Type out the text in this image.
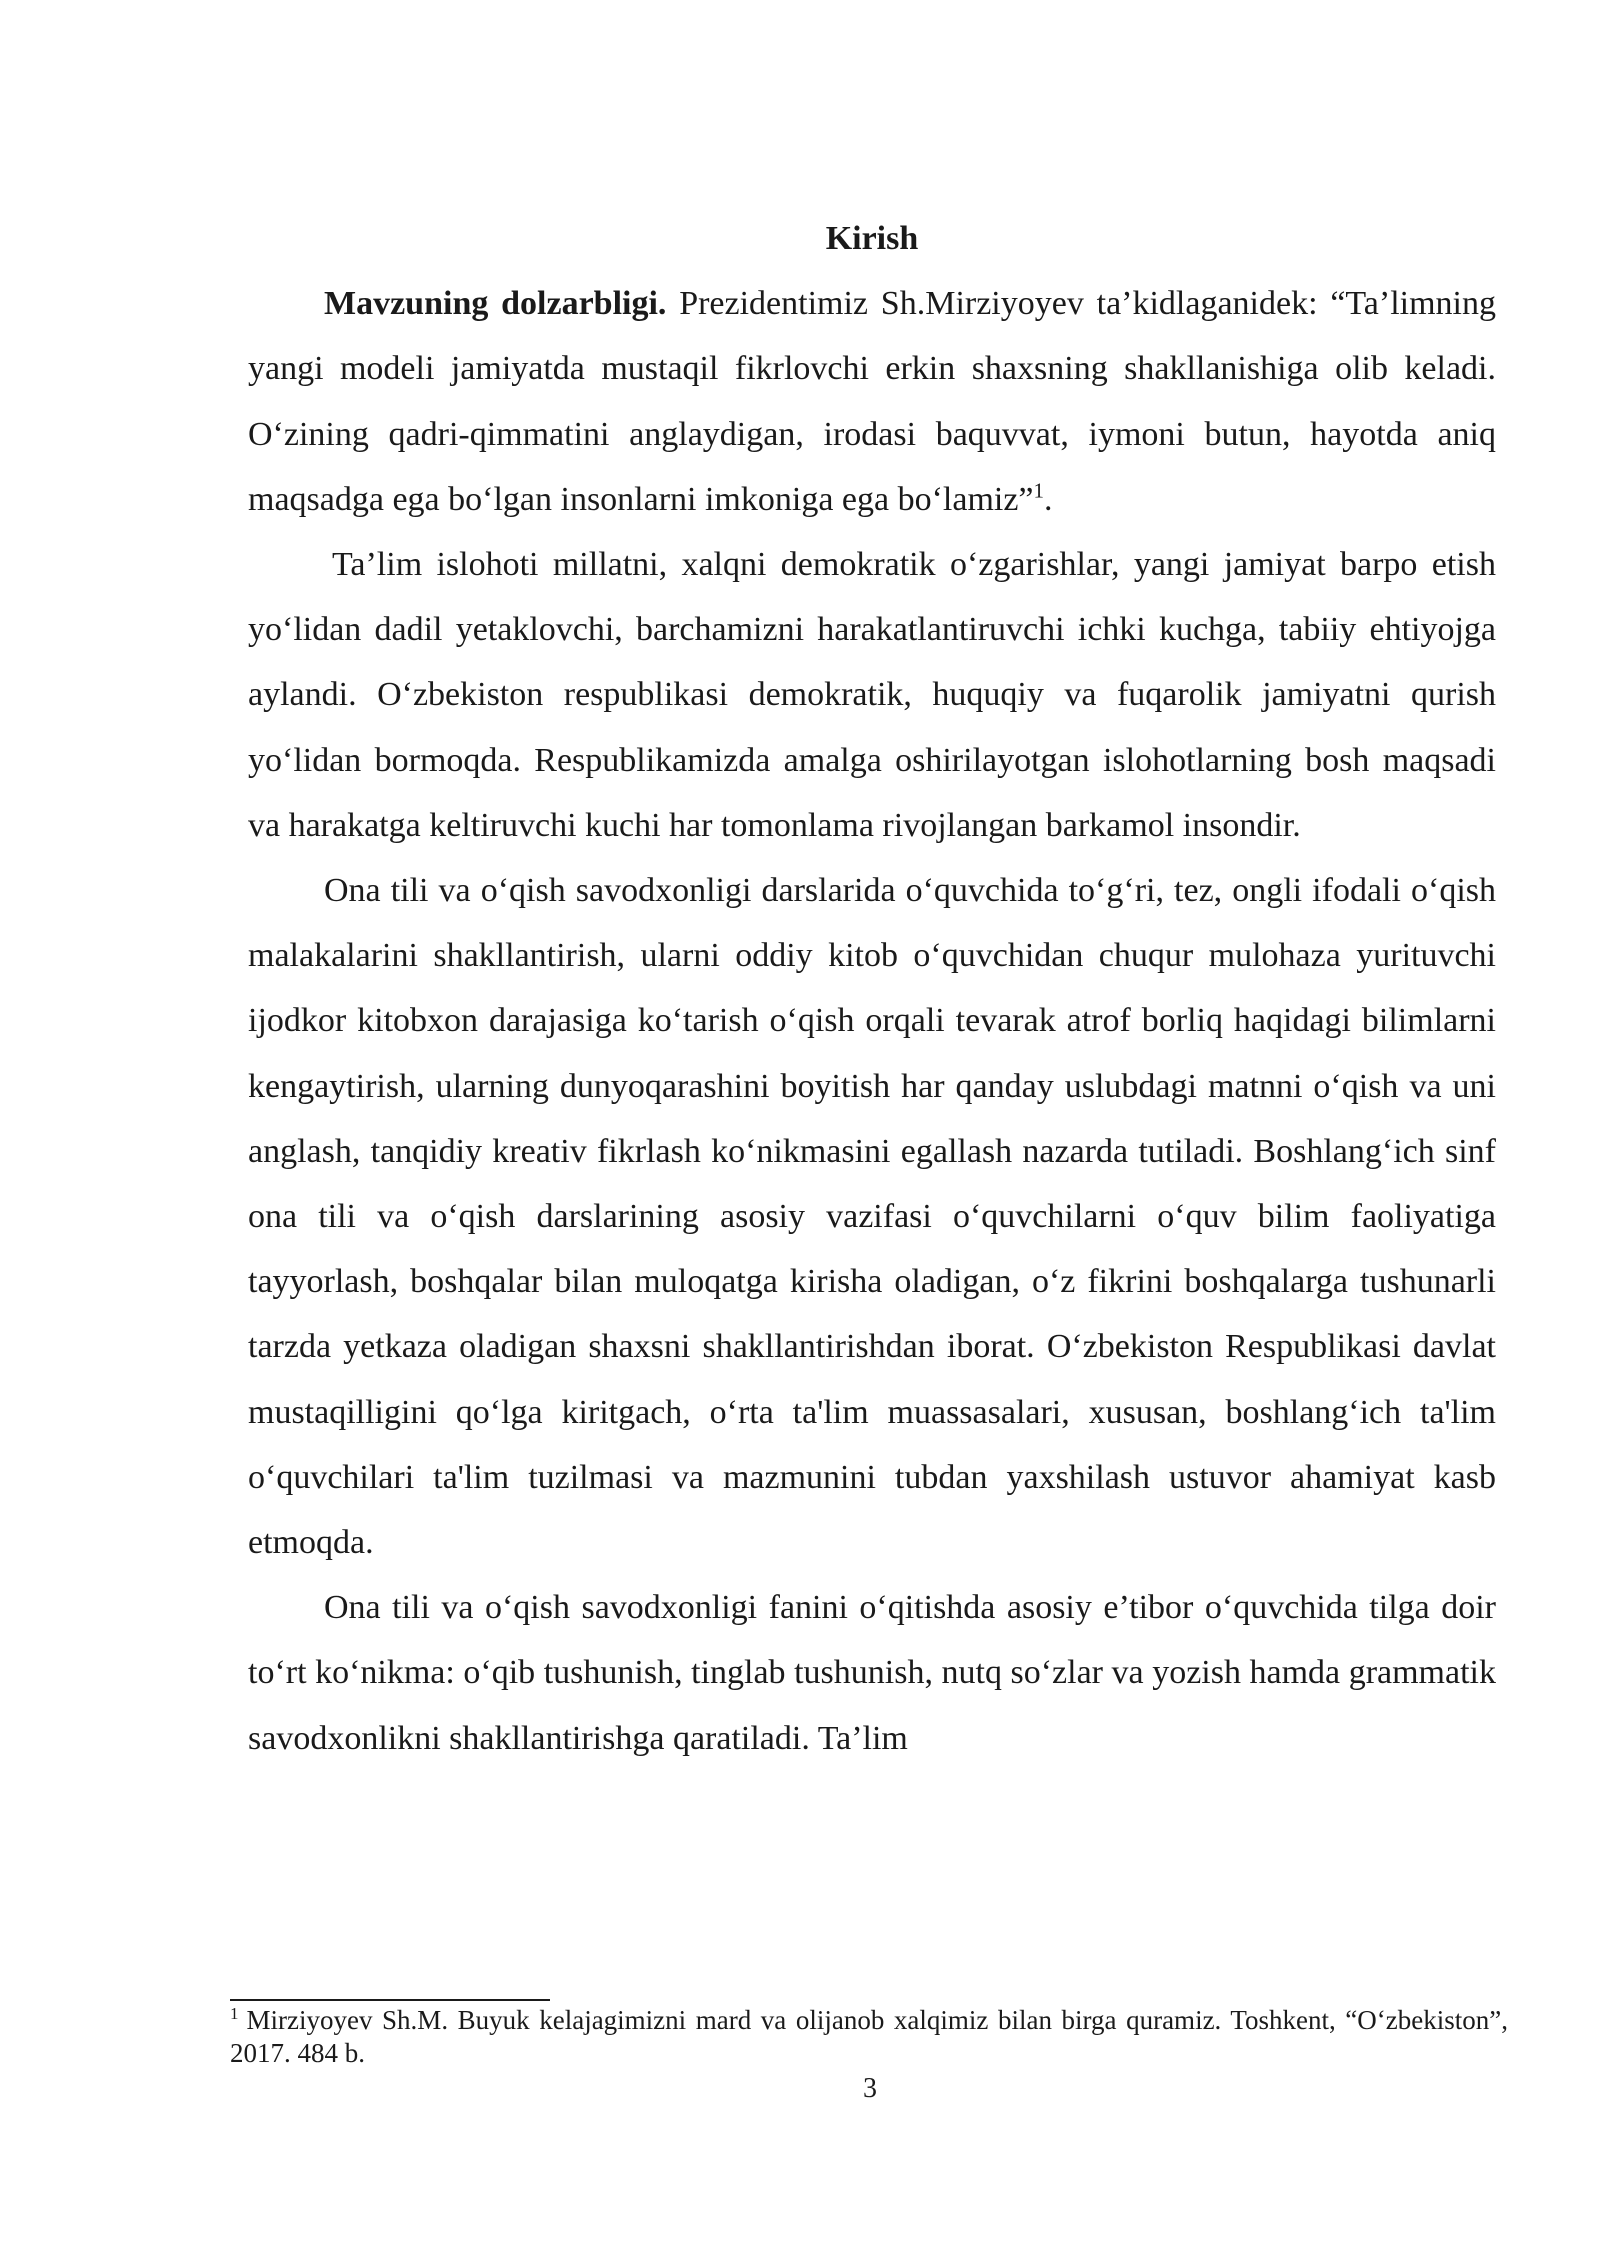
Kirish

Mavzuning dolzarbligi. Prezidentimiz Sh.Mirziyoyev ta’kidlaganidek: “Ta’limning yangi modeli jamiyatda mustaqil fikrlovchi erkin shaxsning shakllanishiga olib keladi. O‘zining qadri-qimmatini anglaydigan, irodasi baquvvat, iymoni butun, hayotda aniq maqsadga ega bo‘lgan insonlarni imkoniga ega bo‘lamiz”$^1$.

Ta’lim islohoti millatni, xalqni demokratik o‘zgarishlar, yangi jamiyat barpo etish yo‘lidan dadil yetaklovchi, barchamizni harakatlantiruvchi ichki kuchga, tabiiy ehtiyojga aylandi. O‘zbekiston respublikasi demokratik, huquqiy va fuqarolik jamiyatni qurish yo‘lidan bormoqda. Respublikamizda amalga oshirilayotgan islohotlarning bosh maqsadi va harakatga keltiruvchi kuchi har tomonlama rivojlangan barkamol insondir.

Ona tili va o‘qish savodxonligi darslarida o‘quvchida to‘g‘ri, tez, ongli ifodali o‘qish malakalarini shakllantirish, ularni oddiy kitob o‘quvchidan chuqur mulohaza yurituvchi ijodkor kitobxon darajasiga ko‘tarish o‘qish orqali tevarak atrof borliq haqidagi bilimlarni kengaytirish, ularning dunyoqarashini boyitish har qanday uslubdagi matnni o‘qish va uni anglash, tanqidiy kreativ fikrlash ko‘nikmasini egallash nazarda tutiladi. Boshlang‘ich sinf ona tili va o‘qish darslarining asosiy vazifasi o‘quvchilarni o‘quv bilim faoliyatiga tayyorlash, boshqalar bilan muloqatga kirisha oladigan, o‘z fikrini boshqalarga tushunarli tarzda yetkaza oladigan shaxsni shakllantirishdan iborat. O‘zbekiston Respublikasi davlat mustaqilligini qo‘lga kiritgach, o‘rta ta'lim muassasalari, xususan, boshlang‘ich ta'lim o‘quvchilari ta'lim tuzilmasi va mazmunini tubdan yaxshilash ustuvor ahamiyat kasb etmoqda.

Ona tili va o‘qish savodxonligi fanini o‘qitishda asosiy e’tibor o‘quvchida tilga doir to‘rt ko‘nikma: o‘qib tushunish, tinglab tushunish, nutq so‘zlar va yozish hamda grammatik savodxonlikni shakllantirishga qaratiladi. Ta’lim

$^1$ Mirziyoyev Sh.M. Buyuk kelajagimizni mard va olijanob xalqimiz bilan birga quramiz. Toshkent, “O‘zbekiston”, 2017. 484 b.

3
